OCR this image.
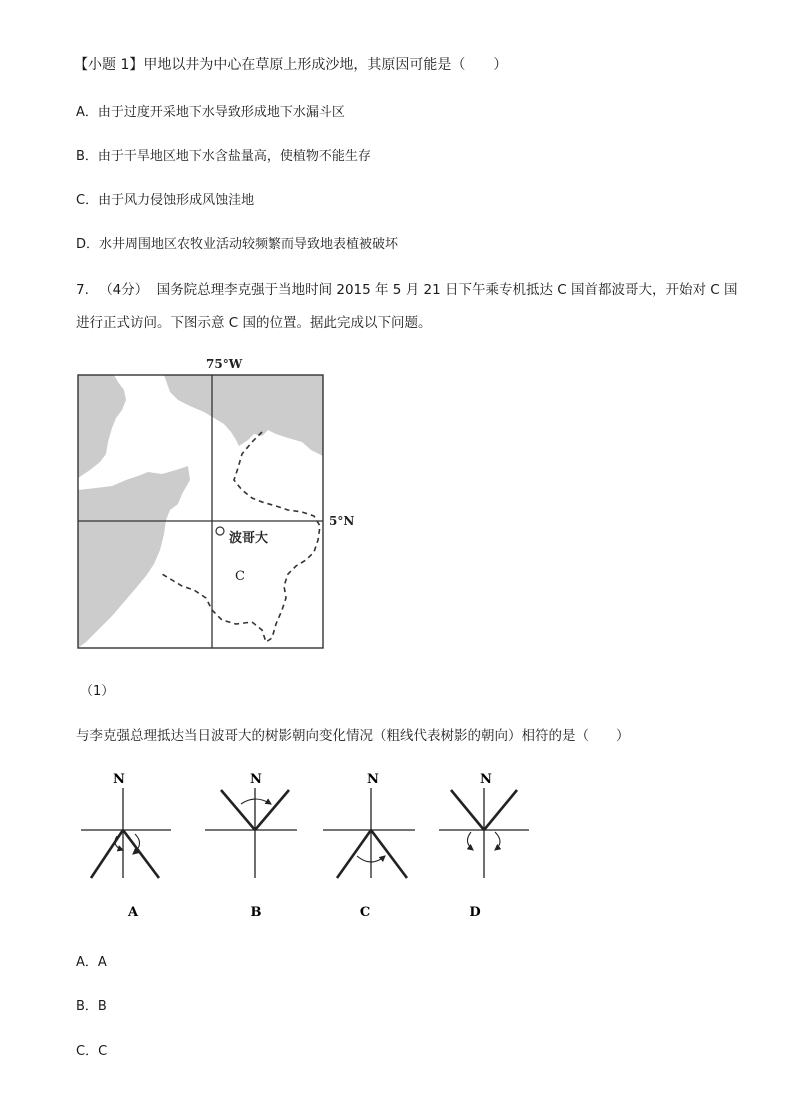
【小题 1】甲地以井为中心在草原上形成沙地，其原因可能是（　　）
A．由于过度开采地下水导致形成地下水漏斗区
B．由于干旱地区地下水含盐量高，使植物不能生存
C．由于风力侵蚀形成风蚀洼地
D．水井周围地区农牧业活动较频繁而导致地表植被破坏
7. （4分） 国务院总理李克强于当地时间 2015 年 5 月 21 日下午乘专机抵达 C 国首都波哥大，开始对 C 国
进行正式访问。下图示意 C 国的位置。据此完成以下问题。
波哥大
C
75°W
5°N
（1）
与李克强总理抵达当日波哥大的树影朝向变化情况（粗线代表树影的朝向）相符的是（　　）
N
A
N
B
N
C
N
D
A．A
B．B
C．C
